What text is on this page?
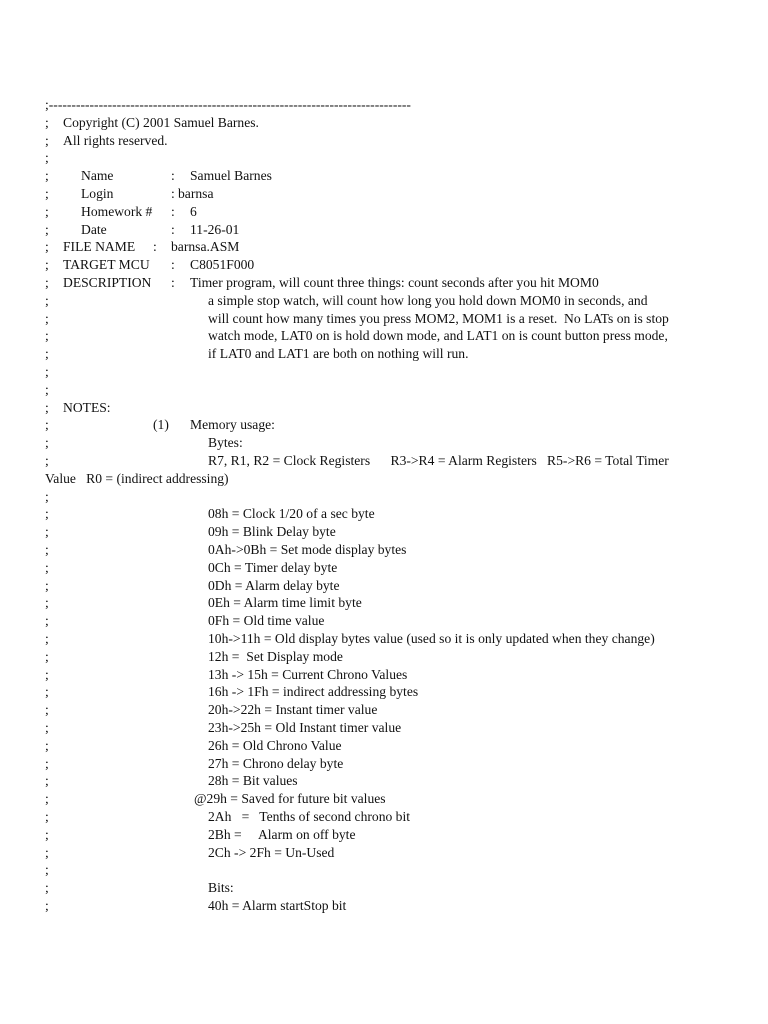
;--------------------------------------------------------------------------------
; Copyright (C) 2001 Samuel Barnes.
; All rights reserved.
;
; Name	: Samuel Barnes
; Login	: barnsa
; Homework # : 6
; Date	: 11-26-01
; FILE NAME : barnsa.ASM
; TARGET MCU : C8051F000
; DESCRIPTION : Timer program, will count three things: count seconds after you hit MOM0
;	a simple stop watch, will count how long you hold down MOM0 in seconds, and
;	will count how many times you press MOM2, MOM1 is a reset.  No LATs on is stop
;	watch mode, LAT0 on is hold down mode, and LAT1 on is count button press mode,
;	if LAT0 and LAT1 are both on nothing will run.
;
;
; NOTES:
;	(1) Memory usage:
;	Bytes:
;	R7, R1, R2 = Clock Registers      R3->R4 = Alarm Registers   R5->R6 = Total Timer
Value   R0 = (indirect addressing)
;
;	08h = Clock 1/20 of a sec byte
;	09h = Blink Delay byte
;	0Ah->0Bh = Set mode display bytes
;	0Ch = Timer delay byte
;	0Dh = Alarm delay byte
;	0Eh = Alarm time limit byte
;	0Fh = Old time value
;	10h->11h = Old display bytes value (used so it is only updated when they change)
;	12h =  Set Display mode
;	13h -> 15h = Current Chrono Values
;	16h -> 1Fh = indirect addressing bytes
;	20h->22h = Instant timer value
;	23h->25h = Old Instant timer value
;	26h = Old Chrono Value
;	27h = Chrono delay byte
;	28h = Bit values
;	@29h = Saved for future bit values
;	2Ah   =   Tenths of second chrono bit
;	2Bh =     Alarm on off byte
;	2Ch -> 2Fh = Un-Used
;
;	Bits:
;	40h = Alarm startStop bit
